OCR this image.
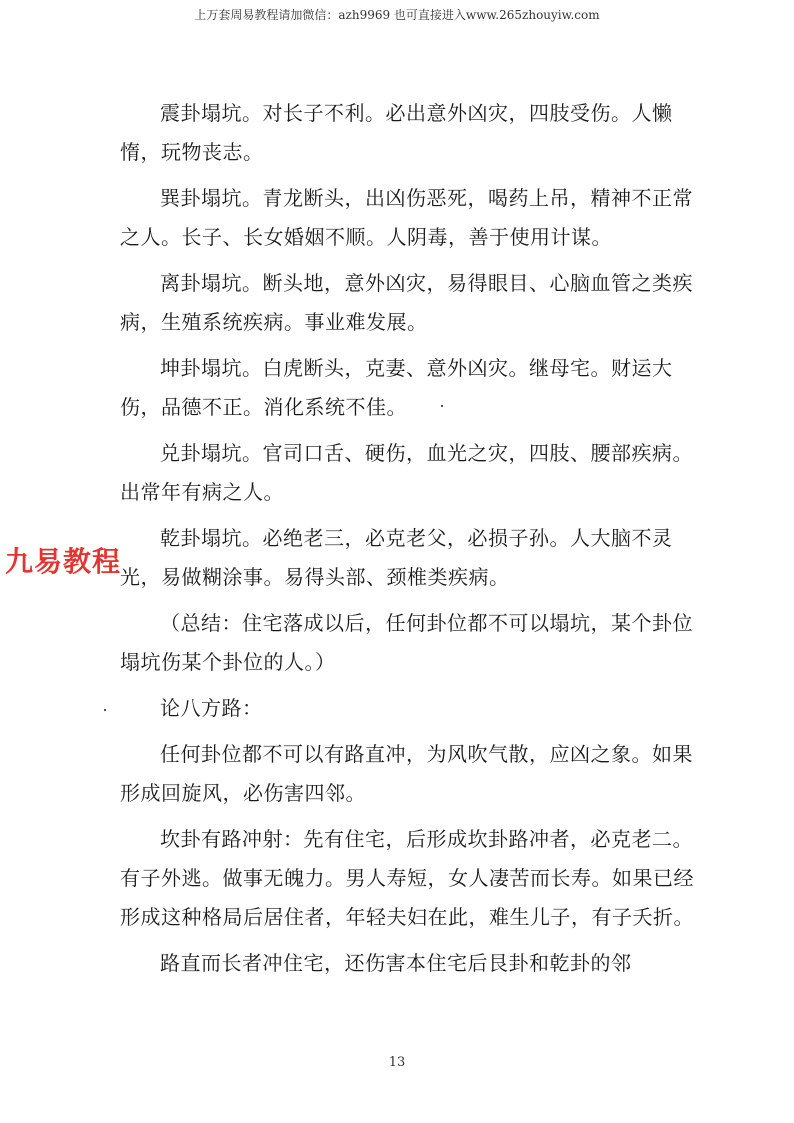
上万套周易教程请加微信：azh9969 也可直接进入www.265zhouyiw.com

震卦塌坑。对长子不利。必出意外凶灾，四肢受伤。人懒惰，玩物丧志。

巽卦塌坑。青龙断头，出凶伤恶死，喝药上吊，精神不正常之人。长子、长女婚姻不顺。人阴毒，善于使用计谋。

离卦塌坑。断头地，意外凶灾，易得眼目、心脑血管之类疾病，生殖系统疾病。事业难发展。

坤卦塌坑。白虎断头，克妻、意外凶灾。继母宅。财运大伤，品德不正。消化系统不佳。

兑卦塌坑。官司口舌、硬伤，血光之灾，四肢、腰部疾病。出常年有病之人。

乾卦塌坑。必绝老三，必克老父，必损子孙。人大脑不灵光，易做糊涂事。易得头部、颈椎类疾病。

（总结：住宅落成以后，任何卦位都不可以塌坑，某个卦位塌坑伤某个卦位的人。）

论八方路：

任何卦位都不可以有路直冲，为风吹气散，应凶之象。如果形成回旋风，必伤害四邻。

坎卦有路冲射：先有住宅，后形成坎卦路冲者，必克老二。有子外逃。做事无魄力。男人寿短，女人凄苦而长寿。如果已经形成这种格局后居住者，年轻夫妇在此，难生儿子，有子夭折。

路直而长者冲住宅，还伤害本住宅后艮卦和乾卦的邻

九易教程
13
